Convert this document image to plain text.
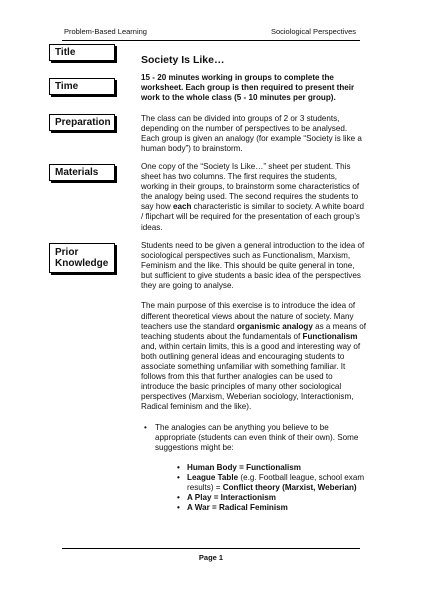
Problem-Based Learning	Sociological Perspectives
Title
Society Is Like…
Time
15 - 20 minutes working in groups to complete the worksheet. Each group is then required to present their work to the whole class (5 - 10 minutes per group).
Preparation	The class can be divided into groups of 2 or 3 students, depending on the number of perspectives to be analysed. Each group is given an analogy (for example “Society is like a human body”) to brainstorm.
Materials
One copy of the “Society Is Like…” sheet per student. This sheet has two columns. The first requires the students, working in their groups, to brainstorm some characteristics of the analogy being used. The second requires the students to say how each characteristic is similar to society. A white board / flipchart will be required for the presentation of each group’s ideas.
Prior
Knowledge

Students need to be given a general introduction to the idea of sociological perspectives such as Functionalism, Marxism, Feminism and the like. This should be quite general in tone, but sufficient to give students a basic idea of the perspectives they are going to analyse.

The main purpose of this exercise is to introduce the idea of different theoretical views about the nature of society. Many teachers use the standard organismic analogy as a means of teaching students about the fundamentals of Functionalism and, within certain limits, this is a good and interesting way of both outlining general ideas and encouraging students to associate something unfamiliar with something familiar. It follows from this that further analogies can be used to introduce the basic principles of many other sociological perspectives (Marxism, Weberian sociology, Interactionism, Radical feminism and the like).

• The analogies can be anything you believe to be appropriate (students can even think of their own). Some suggestions might be:
• Human Body = Functionalism
• League Table (e.g. Football league, school exam results) = Conflict theory (Marxist, Weberian)
• A Play = Interactionism
• A War = Radical Feminism
Page 1
